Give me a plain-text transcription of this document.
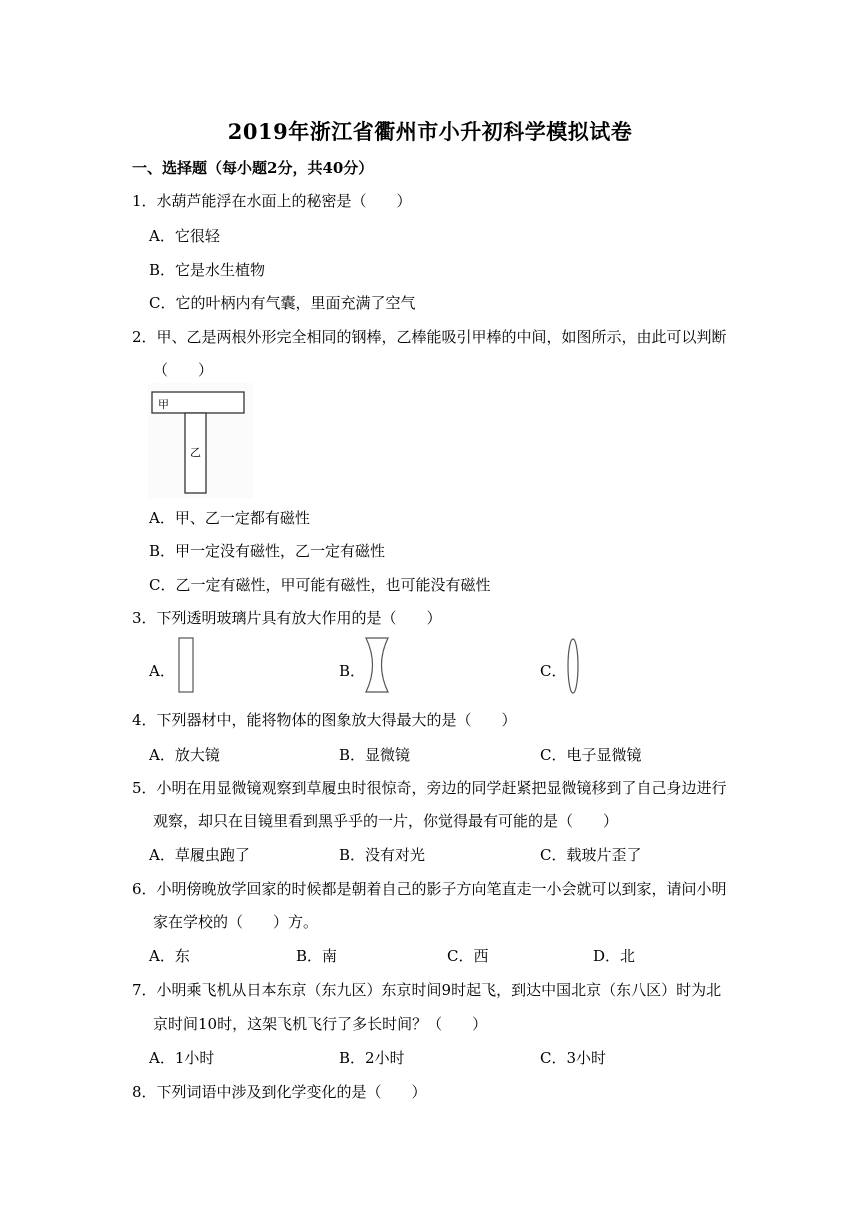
2019年浙江省衢州市小升初科学模拟试卷
一、选择题（每小题2分，共40分）
1．水葫芦能浮在水面上的秘密是（　　）
A．它很轻
B．它是水生植物
C．它的叶柄内有气囊，里面充满了空气
2．甲、乙是两根外形完全相同的钢棒，乙棒能吸引甲棒的中间，如图所示，由此可以判断
（　　）
甲
乙
A．甲、乙一定都有磁性
B．甲一定没有磁性，乙一定有磁性
C．乙一定有磁性，甲可能有磁性，也可能没有磁性
3．下列透明玻璃片具有放大作用的是（　　）
A．	B．	C．
4．下列器材中，能将物体的图象放大得最大的是（　　）
A．放大镜	B．显微镜	C．电子显微镜
5．小明在用显微镜观察到草履虫时很惊奇，旁边的同学赶紧把显微镜移到了自己身边进行
观察，却只在目镜里看到黑乎乎的一片，你觉得最有可能的是（　　）
A．草履虫跑了	B．没有对光	C．载玻片歪了
6．小明傍晚放学回家的时候都是朝着自己的影子方向笔直走一小会就可以到家，请问小明
家在学校的（　　）方。
A．东	B．南	C．西	D．北
7．小明乘飞机从日本东京（东九区）东京时间9时起飞，到达中国北京（东八区）时为北
京时间10时，这架飞机飞行了多长时间？（　　）
A．1小时	B．2小时	C．3小时
8．下列词语中涉及到化学变化的是（　　）
